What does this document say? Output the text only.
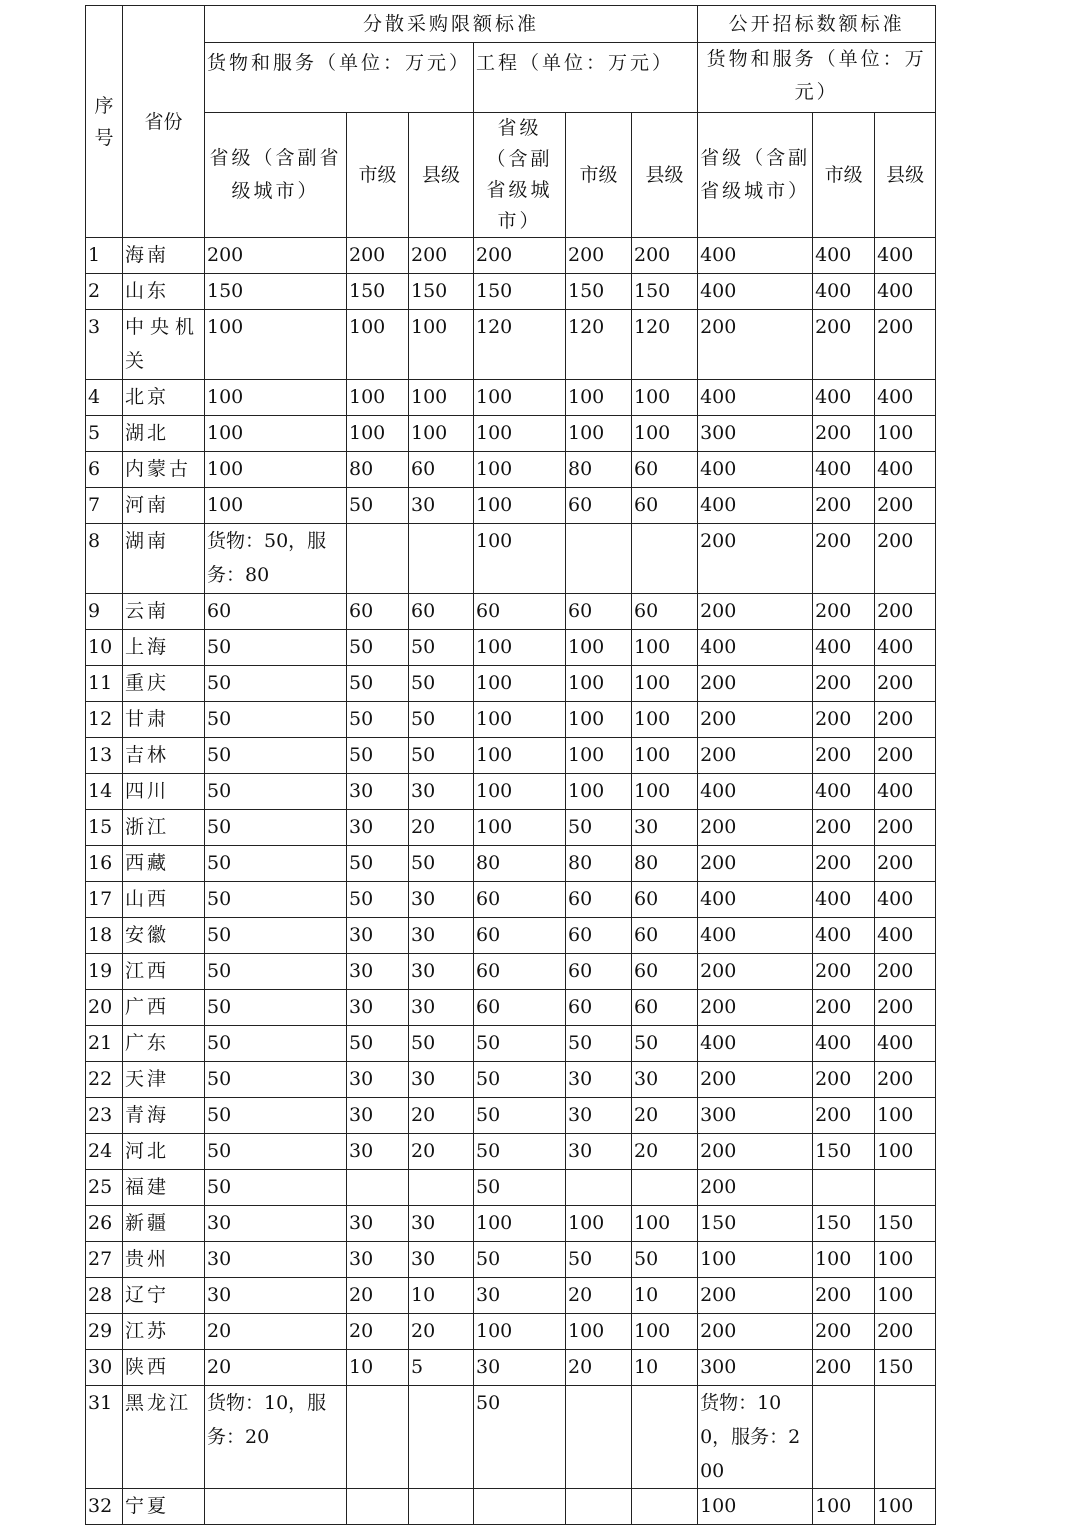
序号	省份	分散采购限额标准						公开招标数额标准		
		货物和服务（单位：万元）			工程（单位：万元）			货物和服务（单位：万元）		
		省级（含副省级城市）	市级	县级	省级（含副省级城市）	市级	县级	省级（含副省级城市）	市级	县级
1	海南	200	200	200	200	200	200	400	400	400
2	山东	150	150	150	150	150	150	400	400	400
3	中央机关	100	100	100	120	120	120	200	200	200
4	北京	100	100	100	100	100	100	400	400	400
5	湖北	100	100	100	100	100	100	300	200	100
6	内蒙古	100	80	60	100	80	60	400	400	400
7	河南	100	50	30	100	60	60	400	200	200
8	湖南	货物：50，服务：80			100			200	200	200
9	云南	60	60	60	60	60	60	200	200	200
10	上海	50	50	50	100	100	100	400	400	400
11	重庆	50	50	50	100	100	100	200	200	200
12	甘肃	50	50	50	100	100	100	200	200	200
13	吉林	50	50	50	100	100	100	200	200	200
14	四川	50	30	30	100	100	100	400	400	400
15	浙江	50	30	20	100	50	30	200	200	200
16	西藏	50	50	50	80	80	80	200	200	200
17	山西	50	50	30	60	60	60	400	400	400
18	安徽	50	30	30	60	60	60	400	400	400
19	江西	50	30	30	60	60	60	200	200	200
20	广西	50	30	30	60	60	60	200	200	200
21	广东	50	50	50	50	50	50	400	400	400
22	天津	50	30	30	50	30	30	200	200	200
23	青海	50	30	20	50	30	20	300	200	100
24	河北	50	30	20	50	30	20	200	150	100
25	福建	50			50			200		
26	新疆	30	30	30	100	100	100	150	150	150
27	贵州	30	30	30	50	50	50	100	100	100
28	辽宁	30	20	10	30	20	10	200	200	100
29	江苏	20	20	20	100	100	100	200	200	200
30	陕西	20	10	5	30	20	10	300	200	150
31	黑龙江	货物：10，服务：20			50			货物：100，服务：200		
32	宁夏							100	100	100
